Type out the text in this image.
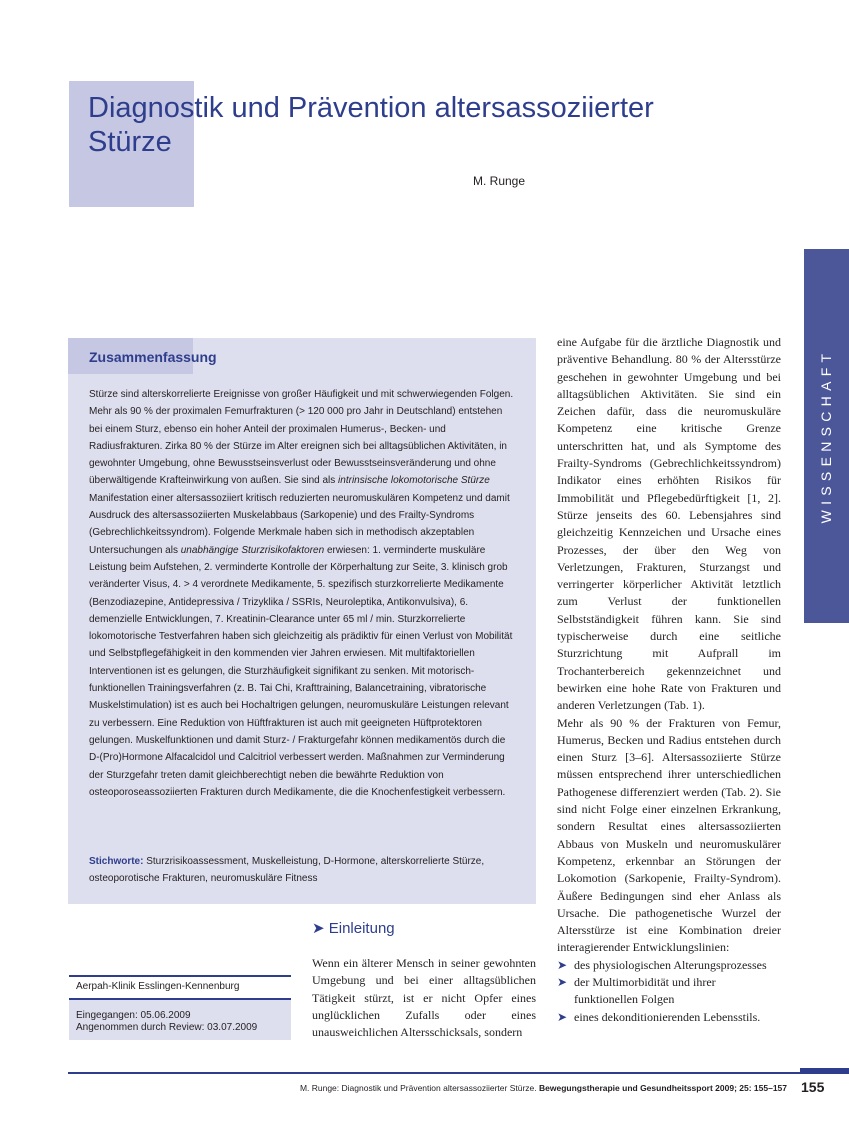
Diagnostik und Prävention altersassoziierter Stürze

M. Runge

WISSENSCHAFT
Zusammenfassung

Stürze sind alterskorrelierte Ereignisse von großer Häufigkeit und mit schwerwiegenden Folgen. Mehr als 90 % der proximalen Femurfrakturen (> 120 000 pro Jahr in Deutschland) entstehen bei einem Sturz, ebenso ein hoher Anteil der proximalen Humerus-, Becken- und Radiusfrakturen. Zirka 80 % der Stürze im Alter ereignen sich bei alltagsüblichen Aktivitäten, in gewohnter Umgebung, ohne Bewusstseinsverlust oder Bewusstseinsveränderung und ohne überwältigende Krafteinwirkung von außen. Sie sind als intrinsische lokomotorische Stürze Manifestation einer altersassoziiert kritisch reduzierten neuromuskulären Kompetenz und damit Ausdruck des altersassoziierten Muskelabbaus (Sarkopenie) und des Frailty-Syndroms (Gebrechlichkeitssyndrom). Folgende Merkmale haben sich in methodisch akzeptablen Untersuchungen als unabhängige Sturzrisikofaktoren erwiesen: 1. verminderte muskuläre Leistung beim Aufstehen, 2. verminderte Kontrolle der Körperhaltung zur Seite, 3. klinisch grob veränderter Visus, 4. > 4 verordnete Medikamente, 5. spezifisch sturzkorrelierte Medikamente (Benzodiazepine, Antidepressiva / Trizyklika / SSRIs, Neuroleptika, Antikonvulsiva), 6. demenzielle Entwicklungen, 7. Kreatinin-Clearance unter 65 ml / min. Sturzkorrelierte lokomotorische Testverfahren haben sich gleichzeitig als prädiktiv für einen Verlust von Mobilität und Selbstpflegefähigkeit in den kommenden vier Jahren erwiesen. Mit multifaktoriellen Interventionen ist es gelungen, die Sturzhäufigkeit signifikant zu senken. Mit motorisch-funktionellen Trainingsverfahren (z. B. Tai Chi, Krafttraining, Balancetraining, vibratorische Muskelstimulation) ist es auch bei Hochaltrigen gelungen, neuromuskuläre Leistungen relevant zu verbessern. Eine Reduktion von Hüftfrakturen ist auch mit geeigneten Hüftprotektoren gelungen. Muskelfunktionen und damit Sturz- / Frakturgefahr können medikamentös durch die D-(Pro)Hormone Alfacalcidol und Calcitriol verbessert werden. Maßnahmen zur Verminderung der Sturzgefahr treten damit gleichberechtigt neben die bewährte Reduktion von osteoporoseassoziierten Frakturen durch Medikamente, die die Knochenfestigkeit verbessern.

Stichworte: Sturzrisikoassessment, Muskelleistung, D-Hormone, alterskorrelierte Stürze, osteoporotische Frakturen, neuromuskuläre Fitness

Aerpah-Klinik Esslingen-Kennenburg

Eingegangen: 05.06.2009
Angenommen durch Review: 03.07.2009

➤ Einleitung

Wenn ein älterer Mensch in seiner gewohnten Umgebung und bei einer alltagsüblichen Tätigkeit stürzt, ist er nicht Opfer eines unglücklichen Zufalls oder eines unausweichlichen Altersschicksals, sondern

eine Aufgabe für die ärztliche Diagnostik und präventive Behandlung. 80 % der Altersstürze geschehen in gewohnter Umgebung und bei alltagsüblichen Aktivitäten. Sie sind ein Zeichen dafür, dass die neuromuskuläre Kompetenz eine kritische Grenze unterschritten hat, und als Symptome des Frailty-Syndroms (Gebrechlichkeitssyndrom) Indikator eines erhöhten Risikos für Immobilität und Pflegebedürftigkeit [1, 2]. Stürze jenseits des 60. Lebensjahres sind gleichzeitig Kennzeichen und Ursache eines Prozesses, der über den Weg von Verletzungen, Frakturen, Sturzangst und verringerter körperlicher Aktivität letztlich zum Verlust der funktionellen Selbstständigkeit führen kann. Sie sind typischerweise durch eine seitliche Sturzrichtung mit Aufprall im Trochanterbereich gekennzeichnet und bewirken eine hohe Rate von Frakturen und anderen Verletzungen (Tab. 1).

Mehr als 90 % der Frakturen von Femur, Humerus, Becken und Radius entstehen durch einen Sturz [3–6]. Altersassoziierte Stürze müssen entsprechend ihrer unterschiedlichen Pathogenese differenziert werden (Tab. 2). Sie sind nicht Folge einer einzelnen Erkrankung, sondern Resultat eines altersassoziierten Abbaus von Muskeln und neuromuskulärer Kompetenz, erkennbar an Störungen der Lokomotion (Sarkopenie, Frailty-Syndrom). Äußere Bedingungen sind eher Anlass als Ursache. Die pathogenetische Wurzel der Altersstürze ist eine Kombination dreier interagierender Entwicklungslinien:

➤ des physiologischen Alterungsprozesses
➤ der Multimorbidität und ihrer funktionellen Folgen
➤ eines dekonditionierenden Lebensstils.

M. Runge: Diagnostik und Prävention altersassoziierter Stürze. Bewegungstherapie und Gesundheitssport 2009; 25: 155–157 155
